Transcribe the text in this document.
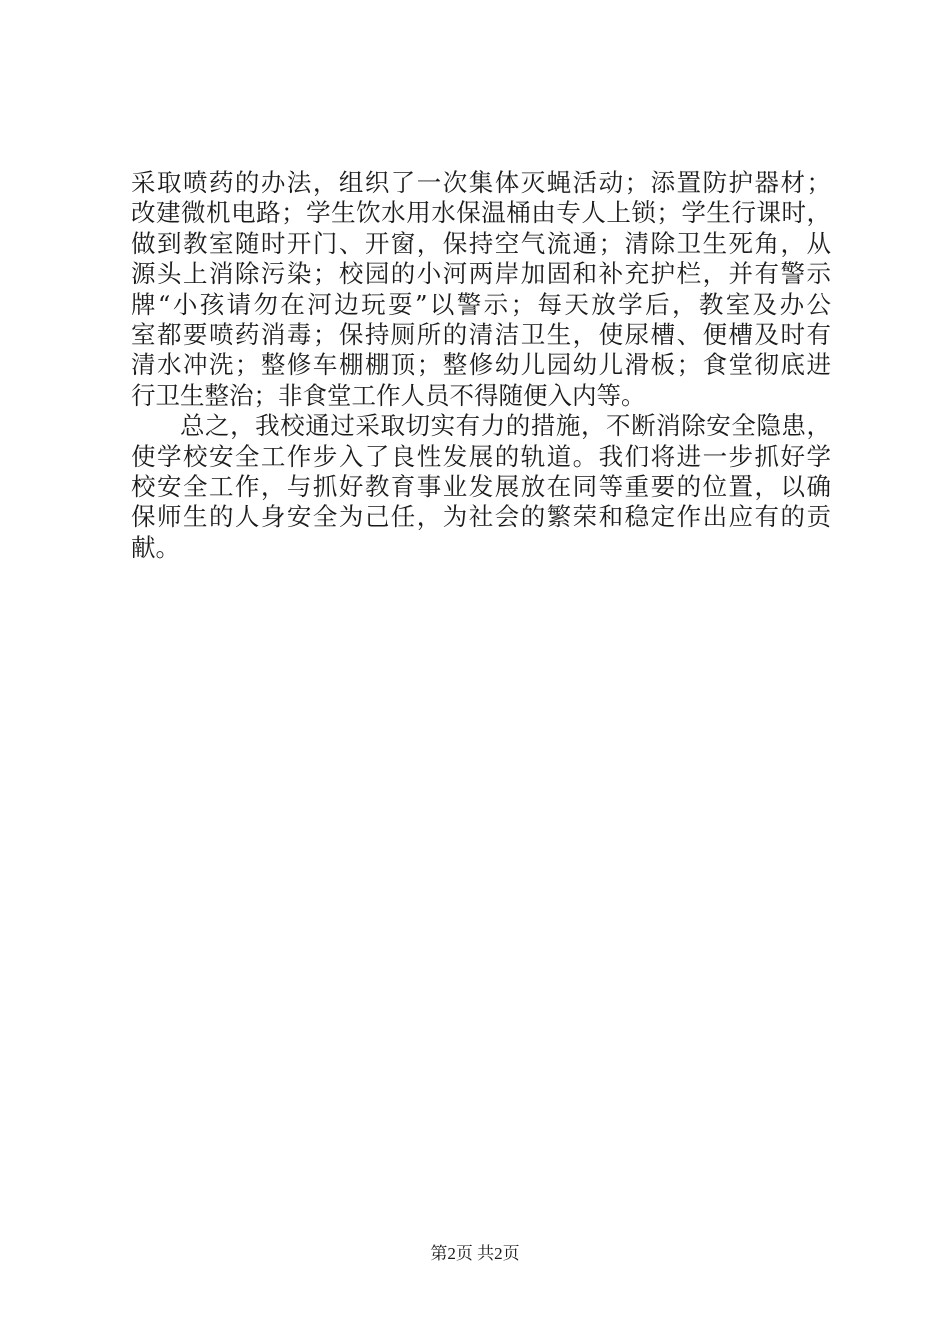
采取喷药的办法，组织了一次集体灭蝇活动；添置防护器材；
改建微机电路；学生饮水用水保温桶由专人上锁；学生行课时，
做到教室随时开门、开窗，保持空气流通；清除卫生死角，从
源头上消除污染；校园的小河两岸加固和补充护栏，并有警示
牌“小孩请勿在河边玩耍”以警示；每天放学后，教室及办公
室都要喷药消毒；保持厕所的清洁卫生，使尿槽、便槽及时有
清水冲洗；整修车棚棚顶；整修幼儿园幼儿滑板；食堂彻底进
行卫生整治；非食堂工作人员不得随便入内等。
总之，我校通过采取切实有力的措施，不断消除安全隐患，
使学校安全工作步入了良性发展的轨道。我们将进一步抓好学
校安全工作，与抓好教育事业发展放在同等重要的位置，以确
保师生的人身安全为己任，为社会的繁荣和稳定作出应有的贡
献。
第2页 共2页
